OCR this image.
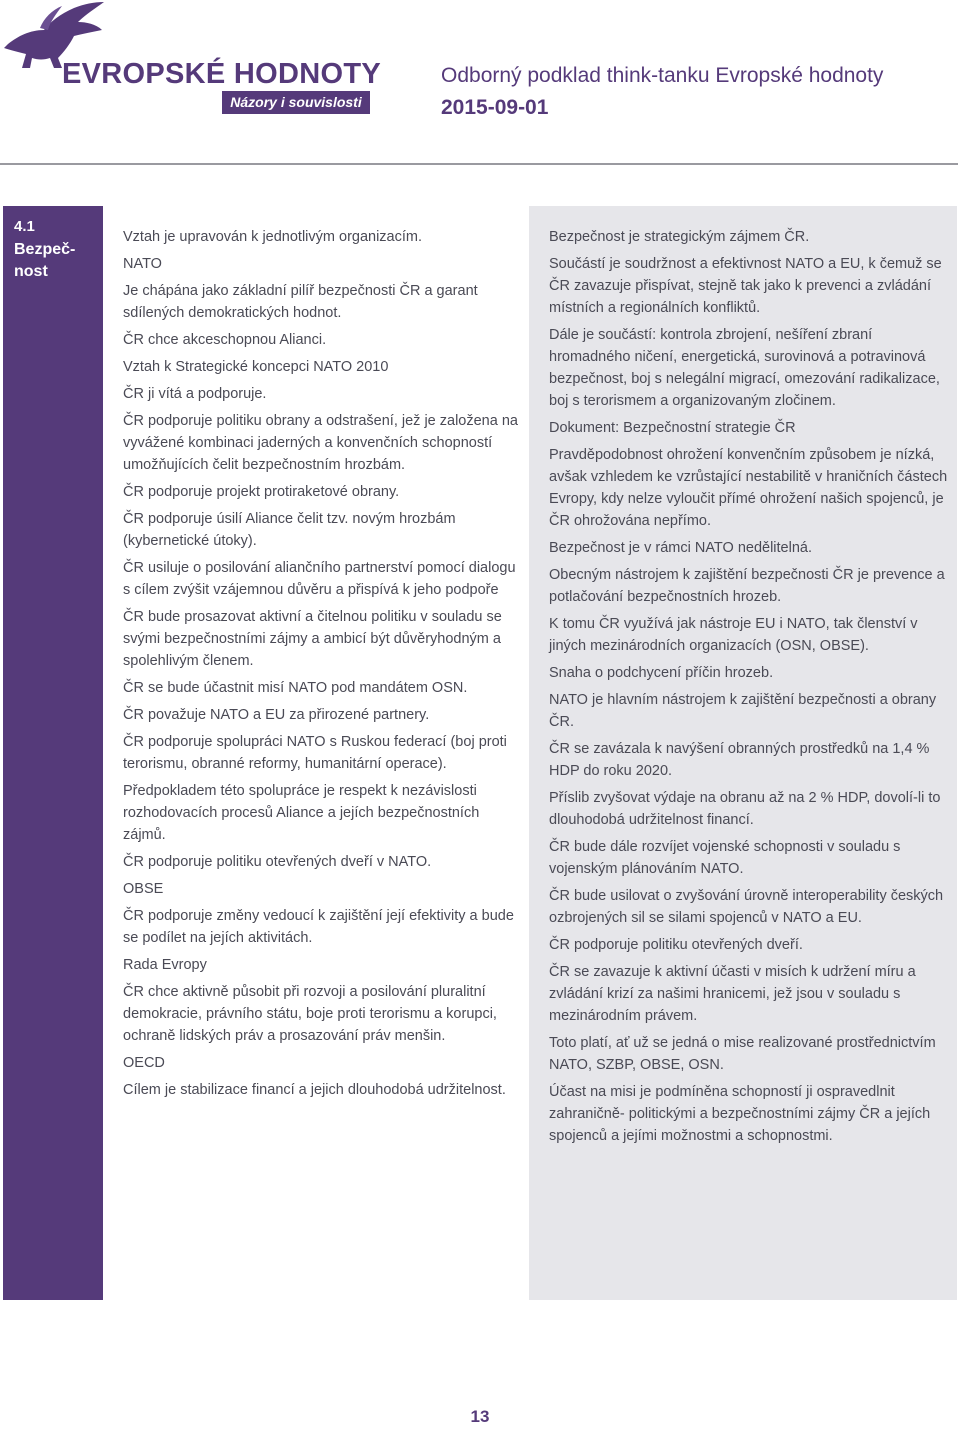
EVROPSKÉ HODNOTY
Názory i souvislosti
Odborný podklad think-tanku Evropské hodnoty
2015-09-01
4.1
Bezpeč-
nost

Vztah je upravován k jednotlivým organizacím.

NATO

Je chápána jako základní pilíř bezpečnosti ČR a garant sdílených demokratických hodnot.

ČR chce akceschopnou Alianci.

Vztah k Strategické koncepci NATO 2010

ČR ji vítá a podporuje.

ČR podporuje politiku obrany a odstrašení, jež je založena na vyvážené kombinaci jaderných a konvenčních schopností umožňujících čelit bezpečnostním hrozbám.

ČR podporuje projekt protiraketové obrany.

ČR podporuje úsilí Aliance čelit tzv. novým hrozbám (kybernetické útoky).

ČR usiluje o posilování aliančního partnerství pomocí dialogu s cílem zvýšit vzájemnou důvěru a přispívá k jeho podpoře

ČR bude prosazovat aktivní a čitelnou politiku v souladu se svými bezpečnostními zájmy a ambicí být důvěryhodným a spolehlivým členem.

ČR se bude účastnit misí NATO pod mandátem OSN.

ČR považuje NATO a EU za přirozené partnery.

ČR podporuje spolupráci NATO s Ruskou federací (boj proti terorismu, obranné reformy, humanitární operace).

Předpokladem této spolupráce je respekt k nezávislosti rozhodovacích procesů Aliance a jejích bezpečnostních zájmů.

ČR podporuje politiku otevřených dveří v NATO.

OBSE

ČR podporuje změny vedoucí k zajištění její efektivity a bude se podílet na jejích aktivitách.

Rada Evropy

ČR chce aktivně působit při rozvoji a posilování pluralitní demokracie, právního státu, boje proti terorismu a korupci, ochraně lidských práv a prosazování práv menšin.

OECD

Cílem je stabilizace financí a jejich dlouhodobá udržitelnost.

Bezpečnost je strategickým zájmem ČR.

Součástí je soudržnost a efektivnost NATO a EU, k čemuž se ČR zavazuje přispívat, stejně tak jako k prevenci a zvládání místních a regionálních konfliktů.

Dále je součástí: kontrola zbrojení, nešíření zbraní hromadného ničení, energetická, surovinová a potravinová bezpečnost, boj s nelegální migrací, omezování radikalizace, boj s terorismem a organizovaným zločinem.

Dokument: Bezpečnostní strategie ČR

Pravděpodobnost ohrožení konvenčním způsobem je nízká, avšak vzhledem ke vzrůstající nestabilitě v hraničních částech Evropy, kdy nelze vyloučit přímé ohrožení našich spojenců, je ČR ohrožována nepřímo.

Bezpečnost je v rámci NATO nedělitelná.

Obecným nástrojem k zajištění bezpečnosti ČR je prevence a potlačování bezpečnostních hrozeb.

K tomu ČR využívá jak nástroje EU i NATO, tak členství v jiných mezinárodních organizacích (OSN, OBSE).

Snaha o podchycení příčin hrozeb.

NATO je hlavním nástrojem k zajištění bezpečnosti a obrany ČR.

ČR se zavázala k navýšení obranných prostředků na 1,4 % HDP do roku 2020.

Příslib zvyšovat výdaje na obranu až na 2 % HDP, dovolí-li to dlouhodobá udržitelnost financí.

ČR bude dále rozvíjet vojenské schopnosti v souladu s vojenským plánováním NATO.

ČR bude usilovat o zvyšování úrovně interoperability českých ozbrojených sil se silami spojenců v NATO a EU.

ČR podporuje politiku otevřených dveří.

ČR se zavazuje k aktivní účasti v misích k udržení míru a zvládání krizí za našimi hranicemi, jež jsou v souladu s mezinárodním právem.

Toto platí, ať už se jedná o mise realizované prostřednictvím NATO, SZBP, OBSE, OSN.

Účast na misi je podmíněna schopností ji ospravedlnit zahraničně- politickými a bezpečnostními zájmy ČR a jejích spojenců a jejími možnostmi a schopnostmi.

13
